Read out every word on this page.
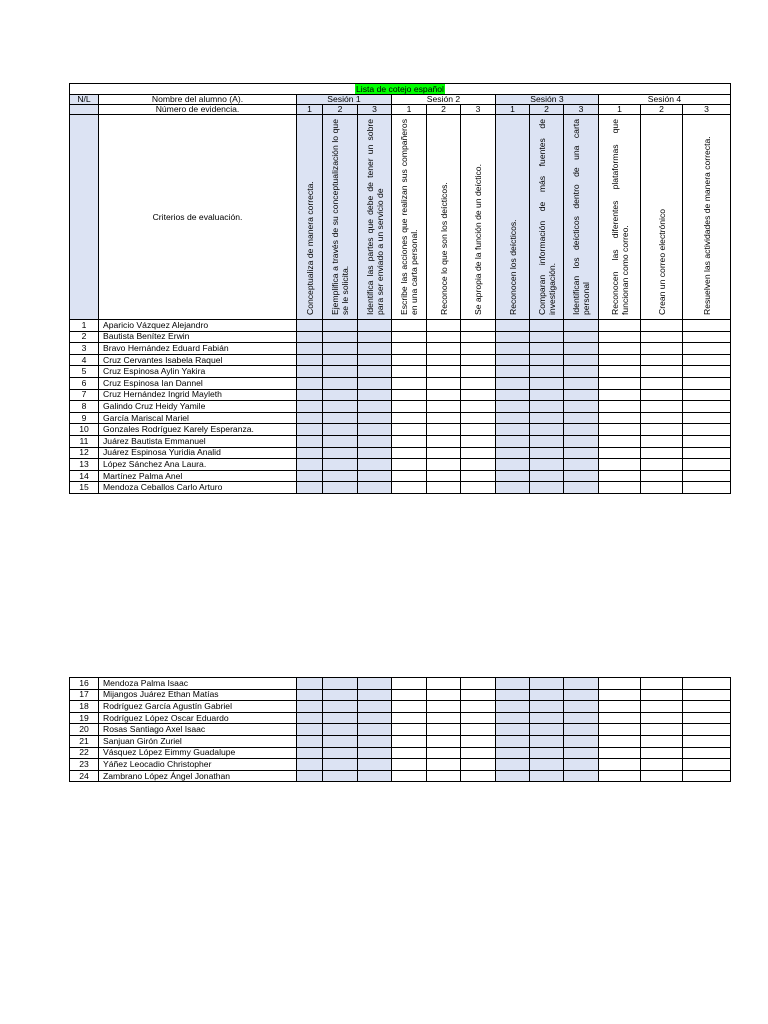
Lista de cotejo español													
N/L	Nombre del alumno (A).	Sesión 1			Sesión 2			Sesión 3			Sesión 4		
	Número de evidencia.	1	2	3	1	2	3	1	2	3	1	2	3
	Criterios de evaluación.	Conceptualiza de manera correcta.	Ejemplifica a través de su conceptualización lo que se le solicita.	Identifica las partes que debe de tener un sobre para ser enviado a un servicio de	Escribe las acciones que realizan sus compañeros en una carta personal.	Reconoce lo que son los deícticos.	Se apropia de la función de un deíctico.	Reconocen los deícticos.	Comparan información de más fuentes de investigación.	Identifican los deícticos dentro de una carta personal	Reconocen las diferentes plataformas que funcionan como correo.	Crean un correo electrónico	Resuelven las actividades de manera correcta.

1	Aparicio Vázquez Alejandro												
2	Bautista Benítez Erwin												
3	Bravo Hernández Eduard Fabián												
4	Cruz Cervantes Isabela Raquel												
5	Cruz Espinosa Aylin Yakira												
6	Cruz Espinosa Ian Dannel												
7	Cruz Hernández Ingrid Mayleth												
8	Galindo Cruz Heidy Yamile												
9	García Mariscal Mariel												
10	Gonzales Rodríguez Karely Esperanza.												
11	Juárez Bautista Emmanuel												
12	Juárez Espinosa Yuridia Analid												
13	López Sánchez Ana Laura.												
14	Martínez Palma Anel												
15	Mendoza Ceballos Carlo Arturo												
16	Mendoza Palma Isaac												
17	Mijangos Juárez Ethan Matías												
18	Rodríguez García Agustín Gabriel												
19	Rodríguez López Oscar Eduardo												
20	Rosas Santiago Axel Isaac												
21	Sanjuan Girón Zuriel												
22	Vásquez López Eimmy Guadalupe												
23	Yáñez Leocadio Christopher												
24	Zambrano López Ángel Jonathan												
